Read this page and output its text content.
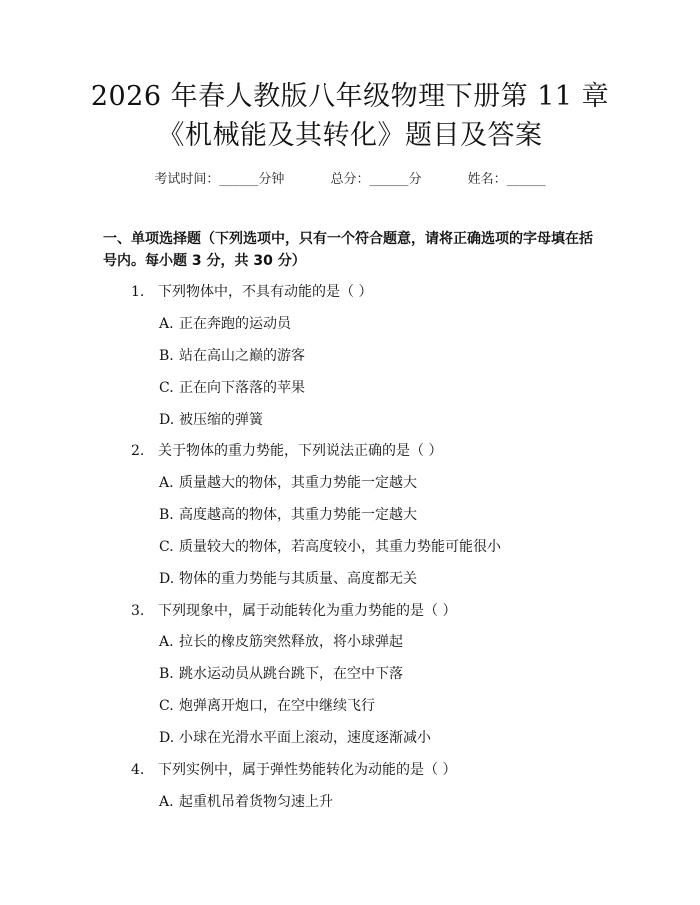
2026 年春人教版八年级物理下册第 11 章
《机械能及其转化》题目及答案
考试时间：______分钟	总分：______分	姓名：______
一、单项选择题（下列选项中，只有一个符合题意，请将正确选项的字母填在括号内。每小题 3 分，共 30 分）
1. 下列物体中，不具有动能的是（ ）
A. 正在奔跑的运动员
B. 站在高山之巅的游客
C. 正在向下落落的苹果
D. 被压缩的弹簧
2. 关于物体的重力势能，下列说法正确的是（ ）
A. 质量越大的物体，其重力势能一定越大
B. 高度越高的物体，其重力势能一定越大
C. 质量较大的物体，若高度较小，其重力势能可能很小
D. 物体的重力势能与其质量、高度都无关
3. 下列现象中，属于动能转化为重力势能的是（ ）
A. 拉长的橡皮筋突然释放，将小球弹起
B. 跳水运动员从跳台跳下，在空中下落
C. 炮弹离开炮口，在空中继续飞行
D. 小球在光滑水平面上滚动，速度逐渐减小
4. 下列实例中，属于弹性势能转化为动能的是（ ）
A. 起重机吊着货物匀速上升
